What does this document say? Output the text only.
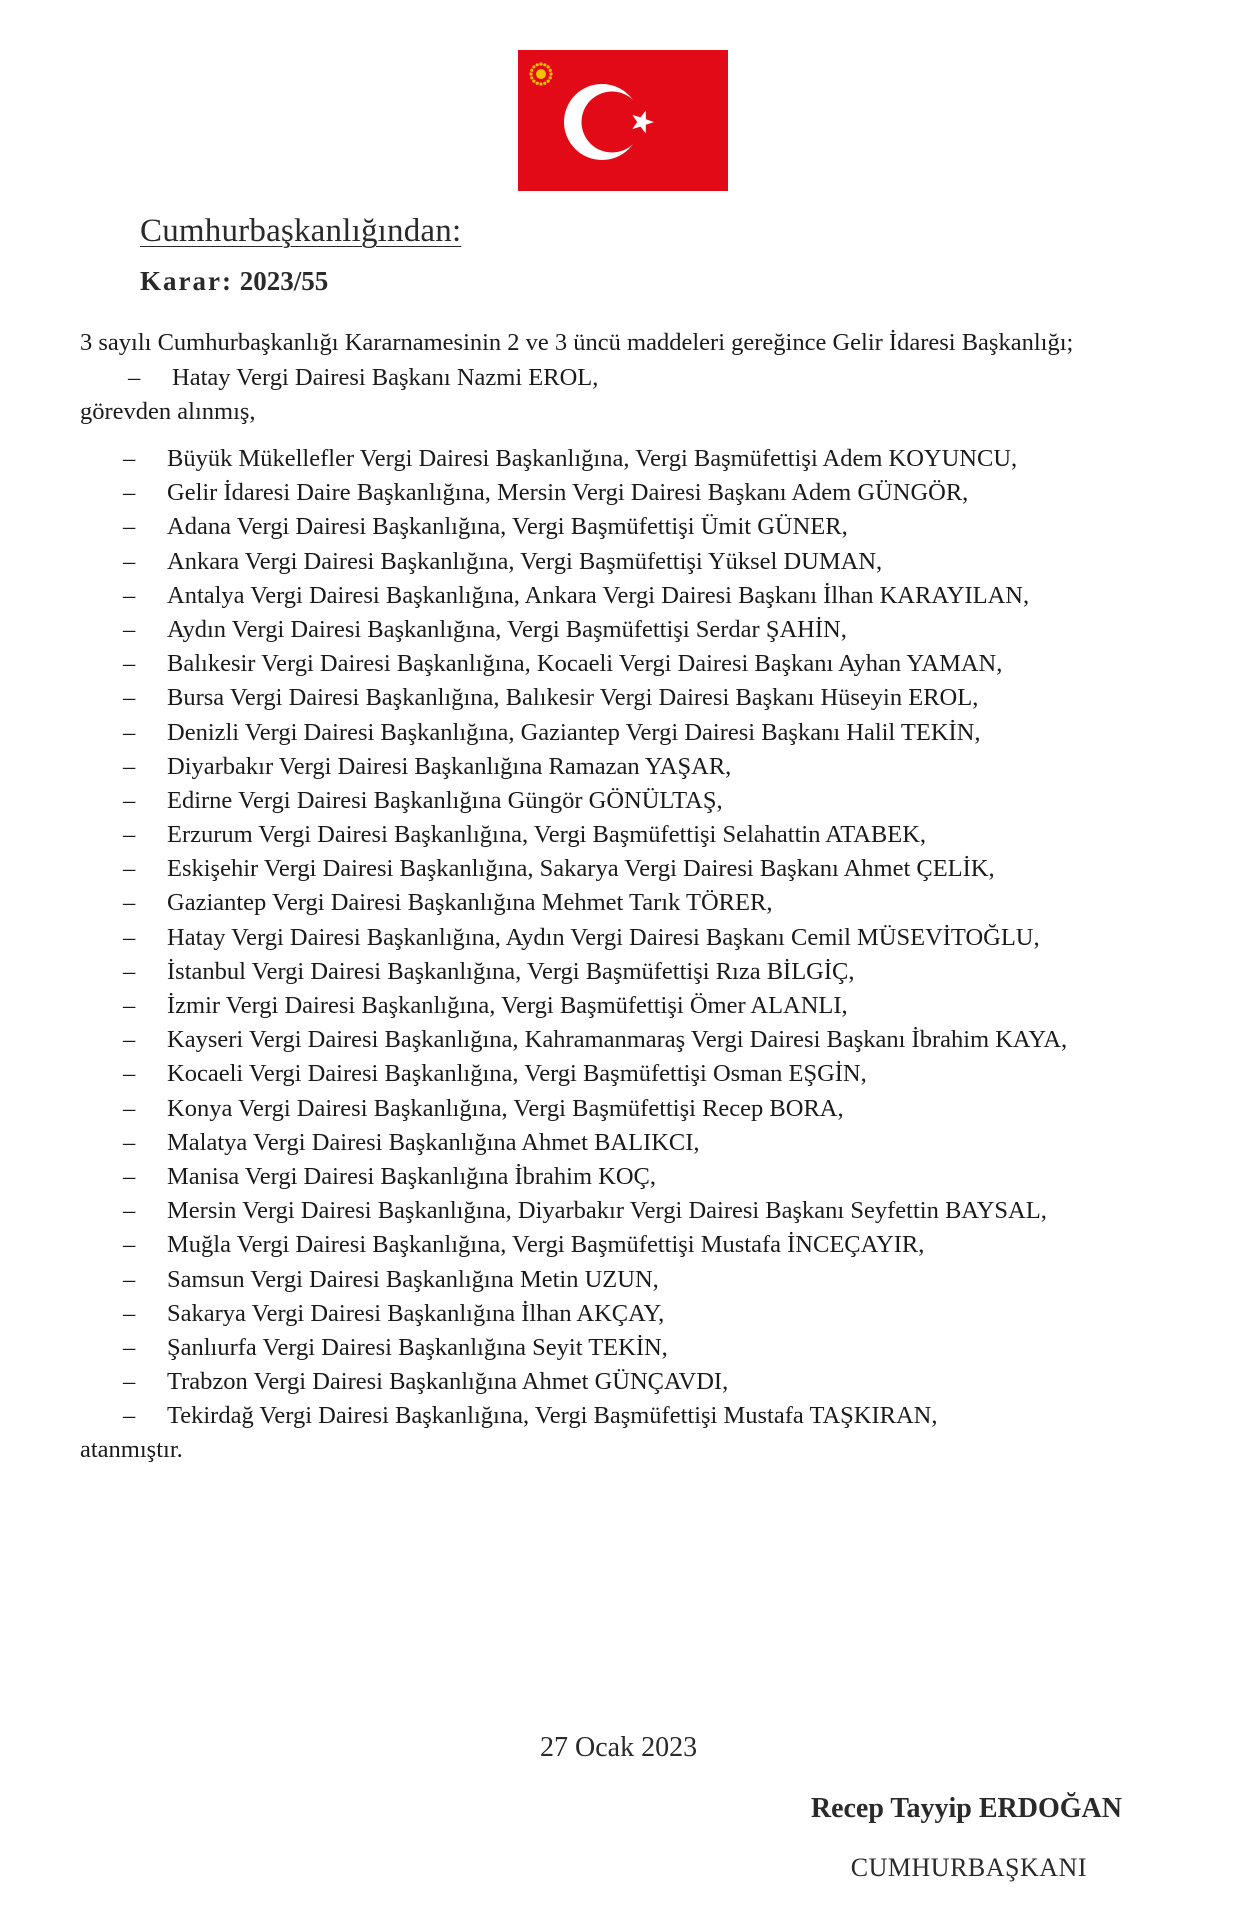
Cumhurbaşkanlığından:
Karar: 2023/55
3 sayılı Cumhurbaşkanlığı Kararnamesinin 2 ve 3 üncü maddeleri gereğince Gelir İdaresi Başkanlığı;
–	Hatay Vergi Dairesi Başkanı Nazmi EROL,
görevden alınmış,
–	Büyük Mükellefler Vergi Dairesi Başkanlığına, Vergi Başmüfettişi Adem KOYUNCU,
–	Gelir İdaresi Daire Başkanlığına, Mersin Vergi Dairesi Başkanı Adem GÜNGÖR,
–	Adana Vergi Dairesi Başkanlığına, Vergi Başmüfettişi Ümit GÜNER,
–	Ankara Vergi Dairesi Başkanlığına, Vergi Başmüfettişi Yüksel DUMAN,
–	Antalya Vergi Dairesi Başkanlığına, Ankara Vergi Dairesi Başkanı İlhan KARAYILAN,
–	Aydın Vergi Dairesi Başkanlığına, Vergi Başmüfettişi Serdar ŞAHİN,
–	Balıkesir Vergi Dairesi Başkanlığına, Kocaeli Vergi Dairesi Başkanı Ayhan YAMAN,
–	Bursa Vergi Dairesi Başkanlığına, Balıkesir Vergi Dairesi Başkanı Hüseyin EROL,
–	Denizli Vergi Dairesi Başkanlığına, Gaziantep Vergi Dairesi Başkanı Halil TEKİN,
–	Diyarbakır Vergi Dairesi Başkanlığına Ramazan YAŞAR,
–	Edirne Vergi Dairesi Başkanlığına Güngör GÖNÜLTAŞ,
–	Erzurum Vergi Dairesi Başkanlığına, Vergi Başmüfettişi Selahattin ATABEK,
–	Eskişehir Vergi Dairesi Başkanlığına, Sakarya Vergi Dairesi Başkanı Ahmet ÇELİK,
–	Gaziantep Vergi Dairesi Başkanlığına Mehmet Tarık TÖRER,
–	Hatay Vergi Dairesi Başkanlığına, Aydın Vergi Dairesi Başkanı Cemil MÜSEVİTOĞLU,
–	İstanbul Vergi Dairesi Başkanlığına, Vergi Başmüfettişi Rıza BİLGİÇ,
–	İzmir Vergi Dairesi Başkanlığına, Vergi Başmüfettişi Ömer ALANLI,
–	Kayseri Vergi Dairesi Başkanlığına, Kahramanmaraş Vergi Dairesi Başkanı İbrahim KAYA,
–	Kocaeli Vergi Dairesi Başkanlığına, Vergi Başmüfettişi Osman EŞGİN,
–	Konya Vergi Dairesi Başkanlığına, Vergi Başmüfettişi Recep BORA,
–	Malatya Vergi Dairesi Başkanlığına Ahmet BALIKCI,
–	Manisa Vergi Dairesi Başkanlığına İbrahim KOÇ,
–	Mersin Vergi Dairesi Başkanlığına, Diyarbakır Vergi Dairesi Başkanı Seyfettin BAYSAL,
–	Muğla Vergi Dairesi Başkanlığına, Vergi Başmüfettişi Mustafa İNCEÇAYIR,
–	Samsun Vergi Dairesi Başkanlığına Metin UZUN,
–	Sakarya Vergi Dairesi Başkanlığına İlhan AKÇAY,
–	Şanlıurfa Vergi Dairesi Başkanlığına Seyit TEKİN,
–	Trabzon Vergi Dairesi Başkanlığına Ahmet GÜNÇAVDI,
–	Tekirdağ Vergi Dairesi Başkanlığına, Vergi Başmüfettişi Mustafa TAŞKIRAN,
atanmıştır.
27 Ocak 2023
Recep Tayyip ERDOĞAN
CUMHURBAŞKANI
